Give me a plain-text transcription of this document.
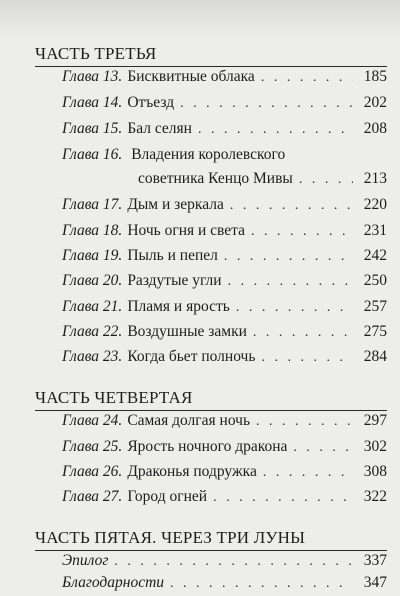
ЧАСТЬ ТРЕТЬЯ
Глава 13. Бисквитные облака . . .	185
Глава 14. Отъезд . . .	202
Глава 15. Бал селян . . .	208
Глава 16. Владения королевского
советника Кенцо Мивы . . .	213
Глава 17. Дым и зеркала . . .	220
Глава 18. Ночь огня и света . . .	231
Глава 19. Пыль и пепел . . .	242
Глава 20. Раздутые угли . . .	250
Глава 21. Пламя и ярость . . .	257
Глава 22. Воздушные замки . . .	275
Глава 23. Когда бьет полночь . . .	284
ЧАСТЬ ЧЕТВЕРТАЯ
Глава 24. Самая долгая ночь . . .	297
Глава 25. Ярость ночного дракона . . .	302
Глава 26. Драконья подружка . . .	308
Глава 27. Город огней . . .	322
ЧАСТЬ ПЯТАЯ. ЧЕРЕЗ ТРИ ЛУНЫ
Эпилог . . .	337
Благодарности . . .	347
